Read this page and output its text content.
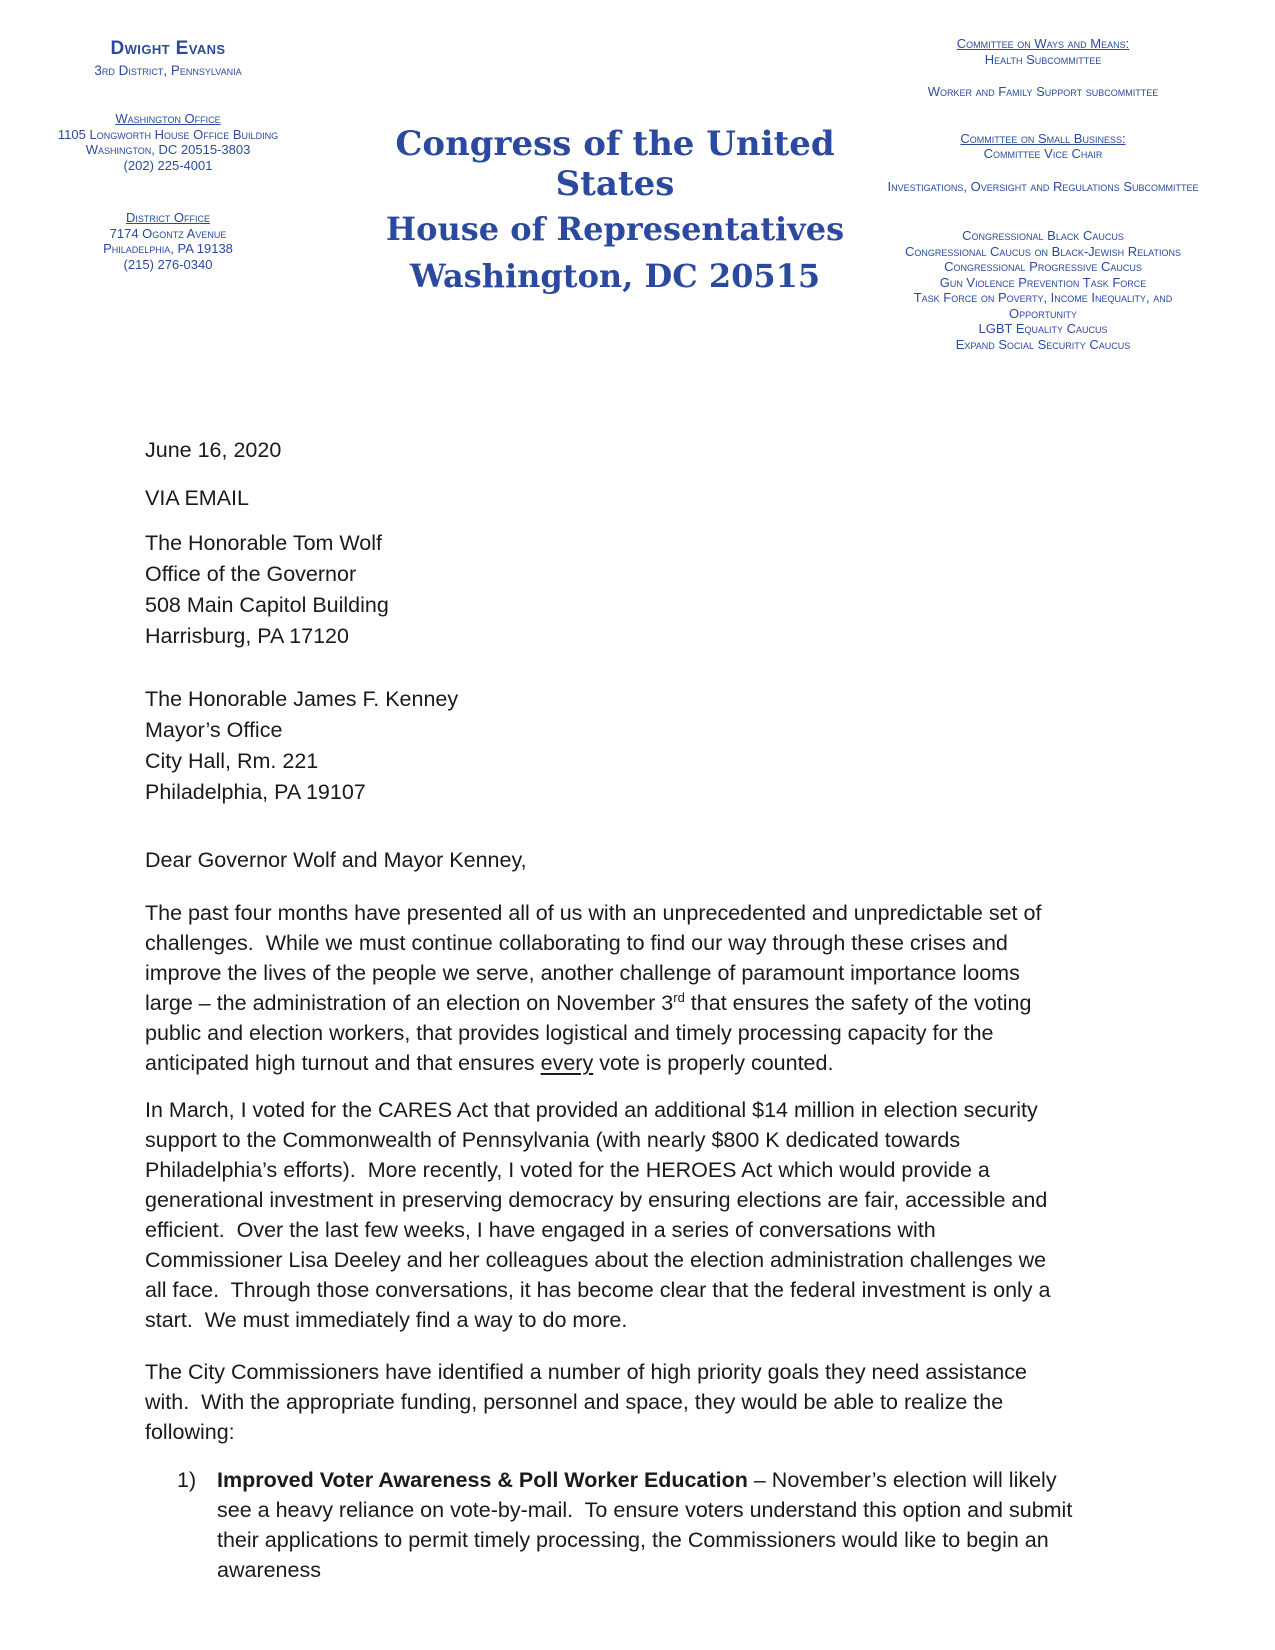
Dwight Evans
3rd District, Pennsylvania
Washington Office
1105 Longworth House Office Building
Washington, DC 20515-3803
(202) 225-4001
District Office
7174 Ogontz Avenue
Philadelphia, PA 19138
(215) 276-0340
Congress of the United States
House of Representatives
Washington, DC 20515
Committee on Ways and Means:
Health Subcommittee
Worker and Family Support subcommittee
Committee on Small Business:
Committee Vice Chair
Investigations, Oversight and Regulations Subcommittee
Congressional Black Caucus
Congressional Caucus on Black-Jewish Relations
Congressional Progressive Caucus
Gun Violence Prevention Task Force
Task Force on Poverty, Income Inequality, and Opportunity
LGBT Equality Caucus
Expand Social Security Caucus
June 16, 2020
VIA EMAIL
The Honorable Tom Wolf
Office of the Governor
508 Main Capitol Building
Harrisburg, PA 17120
The Honorable James F. Kenney
Mayor’s Office
City Hall, Rm. 221
Philadelphia, PA 19107
Dear Governor Wolf and Mayor Kenney,

The past four months have presented all of us with an unprecedented and unpredictable set of challenges.  While we must continue collaborating to find our way through these crises and improve the lives of the people we serve, another challenge of paramount importance looms large – the administration of an election on November 3rd that ensures the safety of the voting public and election workers, that provides logistical and timely processing capacity for the anticipated high turnout and that ensures every vote is properly counted.

In March, I voted for the CARES Act that provided an additional $14 million in election security support to the Commonwealth of Pennsylvania (with nearly $800 K dedicated towards Philadelphia’s efforts).  More recently, I voted for the HEROES Act which would provide a generational investment in preserving democracy by ensuring elections are fair, accessible and efficient.  Over the last few weeks, I have engaged in a series of conversations with Commissioner Lisa Deeley and her colleagues about the election administration challenges we all face.  Through those conversations, it has become clear that the federal investment is only a start.  We must immediately find a way to do more.

The City Commissioners have identified a number of high priority goals they need assistance with.  With the appropriate funding, personnel and space, they would be able to realize the following:

1) Improved Voter Awareness & Poll Worker Education – November’s election will likely see a heavy reliance on vote-by-mail.  To ensure voters understand this option and submit their applications to permit timely processing, the Commissioners would like to begin an awareness
